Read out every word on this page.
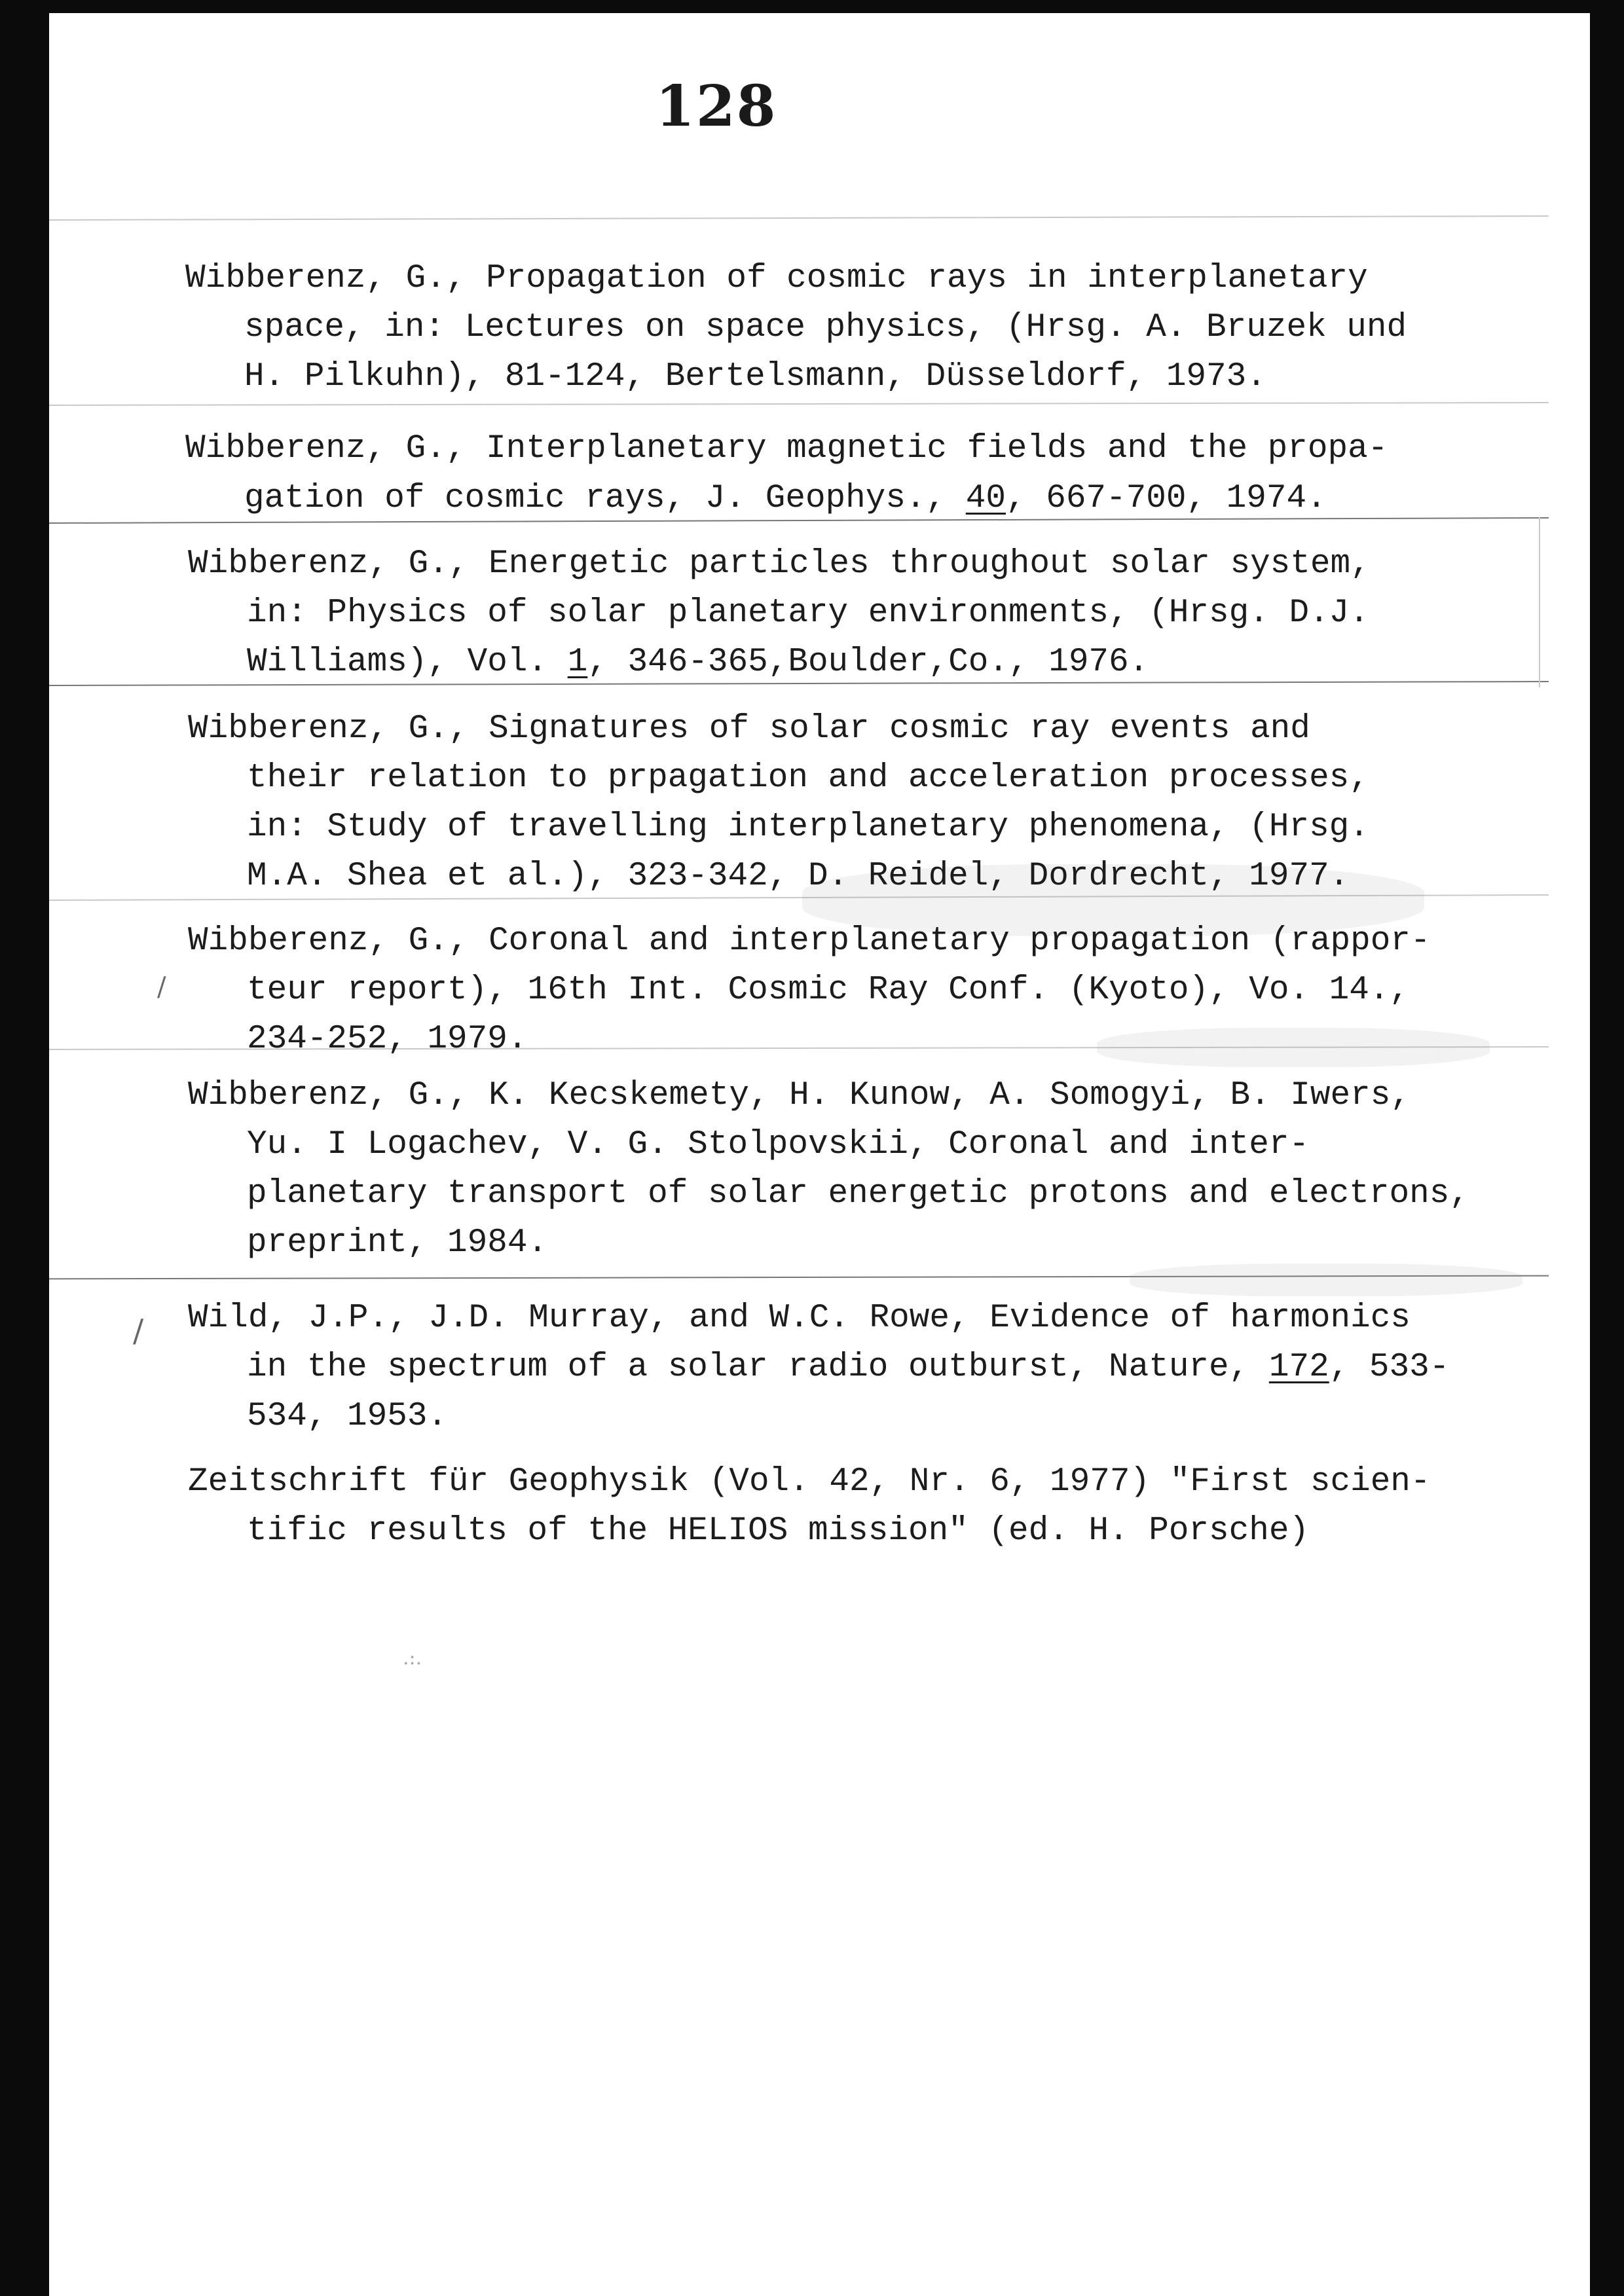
128
/
/
.:.
Wibberenz, G., Propagation of cosmic rays in interplanetary
space, in: Lectures on space physics, (Hrsg. A. Bruzek und
H. Pilkuhn), 81-124, Bertelsmann, Düsseldorf, 1973.
Wibberenz, G., Interplanetary magnetic fields and the propa-
gation of cosmic rays, J. Geophys., 40, 667-700, 1974.
Wibberenz, G., Energetic particles throughout solar system,
in: Physics of solar planetary environments, (Hrsg. D.J.
Williams), Vol. 1, 346-365,Boulder,Co., 1976.
Wibberenz, G., Signatures of solar cosmic ray events and
their relation to prpagation and acceleration processes,
in: Study of travelling interplanetary phenomena, (Hrsg.
M.A. Shea et al.), 323-342, D. Reidel, Dordrecht, 1977.
Wibberenz, G., Coronal and interplanetary propagation (rappor-
teur report), 16th Int. Cosmic Ray Conf. (Kyoto), Vo. 14.,
234-252, 1979.
Wibberenz, G., K. Kecskemety, H. Kunow, A. Somogyi, B. Iwers,
Yu. I Logachev, V. G. Stolpovskii, Coronal and inter-
planetary transport of solar energetic protons and electrons,
preprint, 1984.
Wild, J.P., J.D. Murray, and W.C. Rowe, Evidence of harmonics
in the spectrum of a solar radio outburst, Nature, 172, 533-
534, 1953.
Zeitschrift für Geophysik (Vol. 42, Nr. 6, 1977) "First scien-
tific results of the HELIOS mission" (ed. H. Porsche)
